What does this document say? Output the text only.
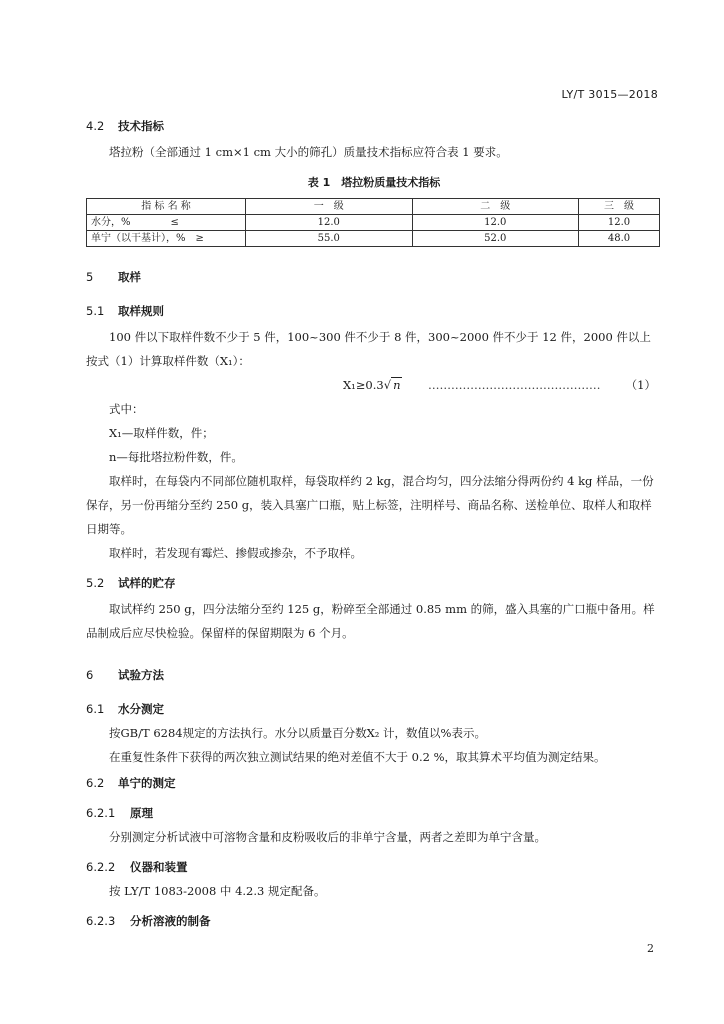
LY/T 3015—2018
4.2 技术指标

塔拉粉（全部通过 1 cm×1 cm 大小的筛孔）质量技术指标应符合表 1 要求。

表 1　塔拉粉质量技术指标
指 标 名 称	一　级	二　级	三　级
水分，%　　　　≤	12.0	12.0	12.0
单宁（以干基计），%　≥	55.0	52.0	48.0
5 取样
5.1 取样规则

100 件以下取样件数不少于 5 件，100~300 件不少于 8 件，300~2000 件不少于 12 件，2000 件以上按式（1）计算取样件数（X₁）：

X₁≥0.3√ n ……………………………………… （1）

式中：

X₁—取样件数，件；

n—每批塔拉粉件数，件。

取样时，在每袋内不同部位随机取样，每袋取样约 2 kg，混合均匀，四分法缩分得两份约 4 kg 样品，一份保存，另一份再缩分至约 250 g，装入具塞广口瓶，贴上标签，注明样号、商品名称、送检单位、取样人和取样日期等。

取样时，若发现有霉烂、掺假或掺杂，不予取样。

5.2 试样的贮存

取试样约 250 g，四分法缩分至约 125 g，粉碎至全部通过 0.85 mm 的筛，盛入具塞的广口瓶中备用。样品制成后应尽快检验。保留样的保留期限为 6 个月。

6 试验方法
6.1 水分测定

按GB/T 6284规定的方法执行。水分以质量百分数X₂ 计，数值以%表示。

在重复性条件下获得的两次独立测试结果的绝对差值不大于 0.2 %，取其算术平均值为测定结果。

6.2 单宁的测定
6.2.1 原理

分别测定分析试液中可溶物含量和皮粉吸收后的非单宁含量，两者之差即为单宁含量。

6.2.2 仪器和装置

按 LY/T 1083-2008 中 4.2.3 规定配备。

6.2.3 分析溶液的制备
2
